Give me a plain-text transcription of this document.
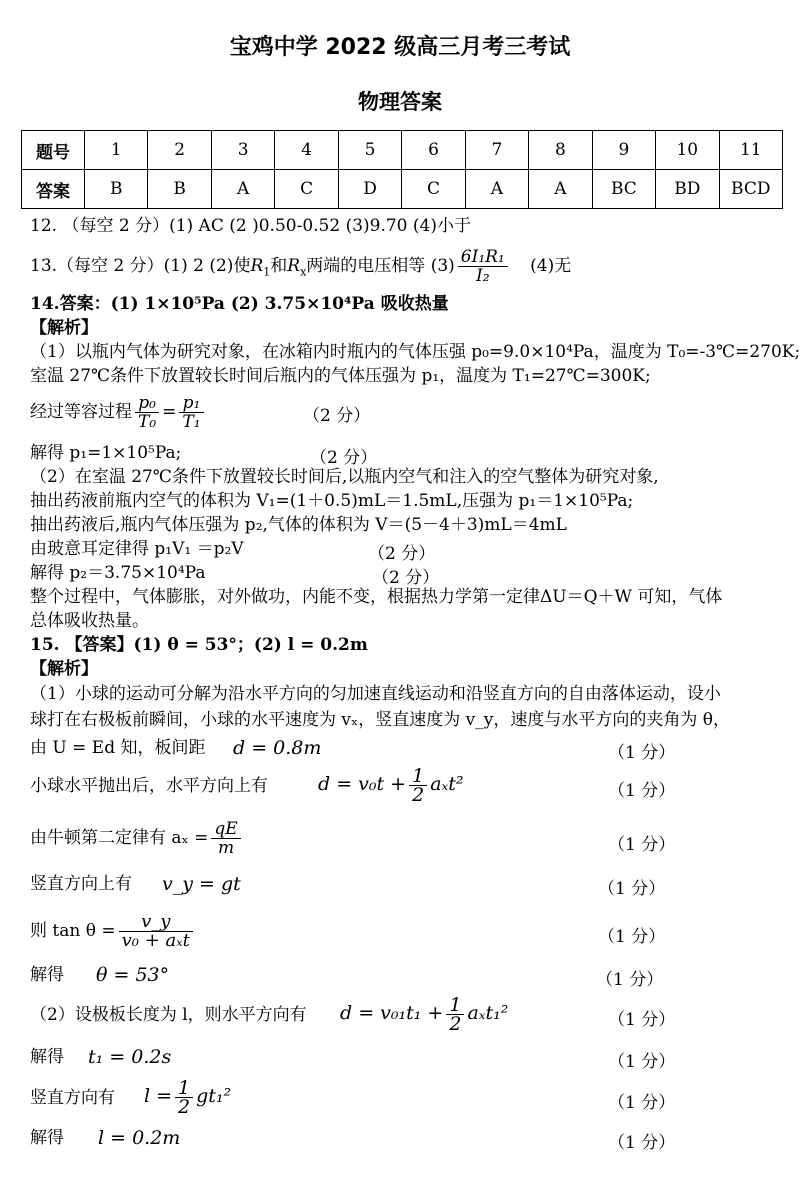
宝鸡中学 2022 级高三月考三考试
物理答案
题号	1	2	3	4	5	6	7	8	9	10	11
答案	B	B	A	C	D	C	A	A	BC	BD	BCD
12. （每空 2 分）(1) AC (2 )0.50-0.52 (3)9.70 (4)小于
13.（每空 2 分）(1) 2 (2)使$R_1$和$R_x$两端的电压相等 $(3) \frac{\text{6I₁R₁}}{\text{I₂}} (4)$无
14.答案：(1) 1×10⁵Pa (2) 3.75×10⁴Pa 吸收热量
【解析】
（1）以瓶内气体为研究对象，在冰箱内时瓶内的气体压强 p₀=9.0×10⁴Pa，温度为 T₀=-3℃=270K;
室温 27℃条件下放置较长时间后瓶内的气体压强为 p₁，温度为 T₁=27℃=300K;
经过等容过程 $\frac{\text{p₀}}{\text{T₀}} = \frac{\text{p₁}}{\text{T₁}}$	（2 分）
解得 p₁=1×10⁵Pa;	（2 分）
（2）在室温 27℃条件下放置较长时间后,以瓶内空气和注入的空气整体为研究对象,
抽出药液前瓶内空气的体积为 V₁=(1＋0.5)mL＝1.5mL,压强为 p₁＝1×10⁵Pa;
抽出药液后,瓶内气体压强为 p₂,气体的体积为 V＝(5－4＋3)mL＝4mL
由玻意耳定律得 p₁V₁ ＝p₂V	（2 分）
解得 p₂＝3.75×10⁴Pa	（2 分）
整个过程中，气体膨胀，对外做功，内能不变，根据热力学第一定律ΔU＝Q＋W 可知，气体
总体吸收热量。
15. 【答案】(1) θ = 53°；(2) l = 0.2m
【解析】
（1）小球的运动可分解为沿水平方向的匀加速直线运动和沿竖直方向的自由落体运动，设小
球打在右极板前瞬间，小球的水平速度为 vₓ，竖直速度为 v_y，速度与水平方向的夹角为 θ，
由 U = Ed 知，板间距 d = 0.8m	（1 分）
小球水平抛出后，水平方向上有	$d = v_0t + \frac{1}{2} a_xt^2$	（1 分）
由牛顿第二定律有 $a_x = \frac{qE}{m}$	（1 分）
竖直方向上有 v_y = gt	（1 分）
则 $\tan \theta = \frac{v\_y}{\text{v₀ + aₓt}}$	（1 分）
解得 θ = 53°	（1 分）
（2）设极板长度为 l，则水平方向有 $d = v_{01}t_1 + \frac{1}{2} a_xt_1^2$	（1 分）
解得 t₁ = 0.2s	（1 分）
竖直方向有 $l = \frac{1}{2} gt_1^2$	（1 分）
解得 l = 0.2m	（1 分）
